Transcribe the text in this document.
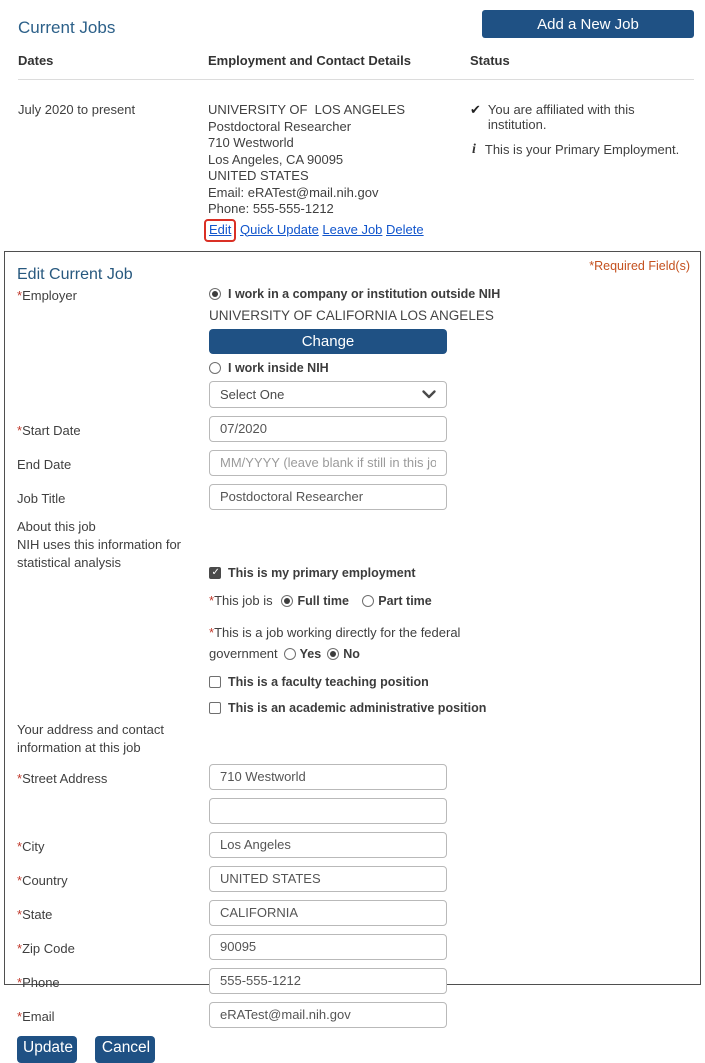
Current Jobs	Add a New Job
Dates	Employment and Contact Details	Status
July 2020 to present	UNIVERSITY OF  LOS ANGELES
Postdoctoral Researcher
710 Westworld
Los Angeles, CA 90095
UNITED STATES
Email: eRATest@mail.nih.gov
Phone: 555-555-1212
Edit Quick Update Leave Job Delete
✔ You are affiliated with this institution.
i This is your Primary Employment.
*Required Field(s)
Edit Current Job
*Employer	I work in a company or institution outside NIH
UNIVERSITY OF CALIFORNIA LOS ANGELES
Change
I work inside NIH
Select One
*Start Date
07/2020
End Date
MM/YYYY (leave blank if still in this job)
Job Title
Postdoctoral Researcher
About this job
NIH uses this information for
statistical analysis
✓
This is my primary employment
*This job is Full time Part time
*This is a job working directly for the federal government Yes No
This is a faculty teaching position
This is an academic administrative position
Your address and contact
information at this job
*Street Address
710 Westworld
*City
Los Angeles
*Country
UNITED STATES
*State
CALIFORNIA
*Zip Code
90095
*Phone
555-555-1212
*Email
eRATest@mail.nih.gov
Update	Cancel
